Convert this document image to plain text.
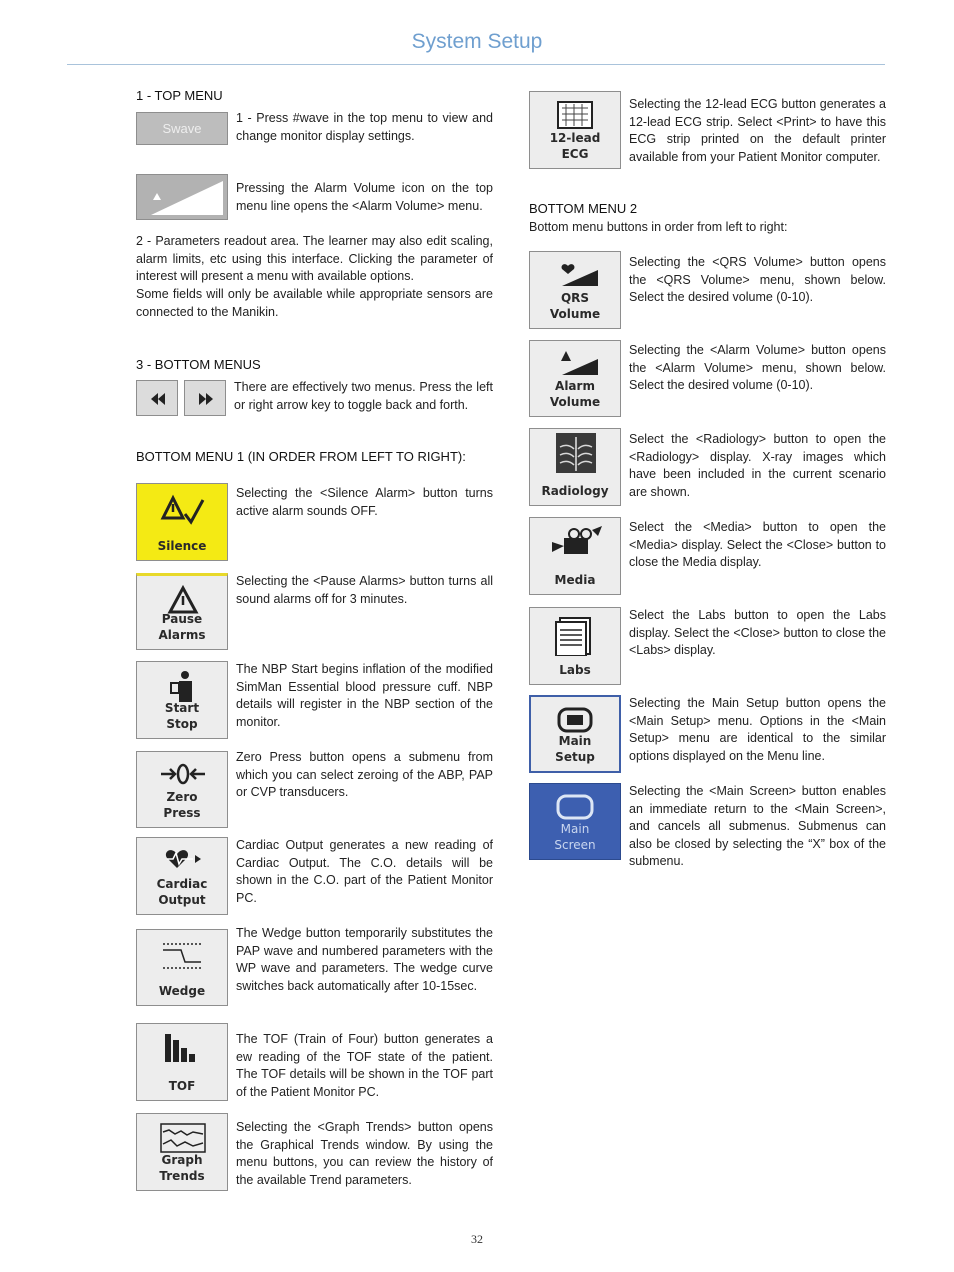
System Setup
1 - TOP MENU
Swave
1 - Press #wave in the top menu to view and change monitor display settings.
Pressing the Alarm Volume icon on the top menu line opens the <Alarm Volume> menu.
2 - Parameters readout area. The learner may also edit scaling, alarm limits, etc using this interface. Clicking the parameter of interest will present a menu with available options.
Some fields will only be available while appropriate sensors are connected to the Manikin.
3 - BOTTOM MENUS
There are effectively two menus. Press the left or right arrow key to toggle back and forth.
BOTTOM MENU 1 (IN ORDER FROM LEFT TO RIGHT):
Silence
Selecting the <Silence Alarm> button turns active alarm sounds OFF.
Pause
Alarms
Selecting the <Pause Alarms> button turns all sound alarms off for 3 minutes.
Start
Stop
The NBP Start begins inflation of the modified SimMan Essential blood pressure cuff. NBP details will register in the NBP section of the monitor.
Zero
Press
Zero Press button opens a submenu from which you can select zeroing of the ABP, PAP or CVP transducers.
Cardiac
Output
Cardiac Output generates a new reading of Cardiac Output. The C.O. details will be shown in the C.O. part of the Patient Monitor PC.
Wedge
The Wedge button temporarily substitutes the PAP wave and numbered parameters with the WP wave and parameters. The wedge curve switches back automatically after 10-15sec.
TOF
The TOF (Train of Four) button generates a ew reading of the TOF state of the patient. The TOF details will be shown in the TOF part of the Patient Monitor PC.
Graph
Trends
Selecting the <Graph Trends> button opens the Graphical Trends window. By using the menu buttons, you can review the history of the available Trend parameters.
12-lead
ECG
Selecting the 12-lead ECG button generates a 12-lead ECG strip. Select <Print> to have this ECG strip printed on the default printer available from your Patient Monitor computer.
BOTTOM MENU 2
Bottom menu buttons in order from left to right:
QRS
Volume
Selecting the <QRS Volume> button opens the <QRS Volume> menu, shown below. Select the desired volume (0-10).
Alarm
Volume
Selecting the <Alarm Volume> button opens the <Alarm Volume> menu, shown below. Select the desired volume (0-10).
Radiology
Select the <Radiology> button to open the <Radiology> display. X-ray images which have been included in the current scenario are shown.
Media
Select the <Media> button to open the <Media> display. Select the <Close> button to close the Media display.
Labs
Select the Labs button to open the Labs display. Select the <Close> button to close the <Labs> display.
Main
Setup
Selecting the Main Setup button opens the <Main Setup> menu. Options in the <Main Setup> menu are identical to the similar options displayed on the Menu line.
Main
Screen
Selecting the <Main Screen> button enables an immediate return to the <Main Screen>, and cancels all submenus. Submenus can also be closed by selecting the “X” box of the submenu.
32
